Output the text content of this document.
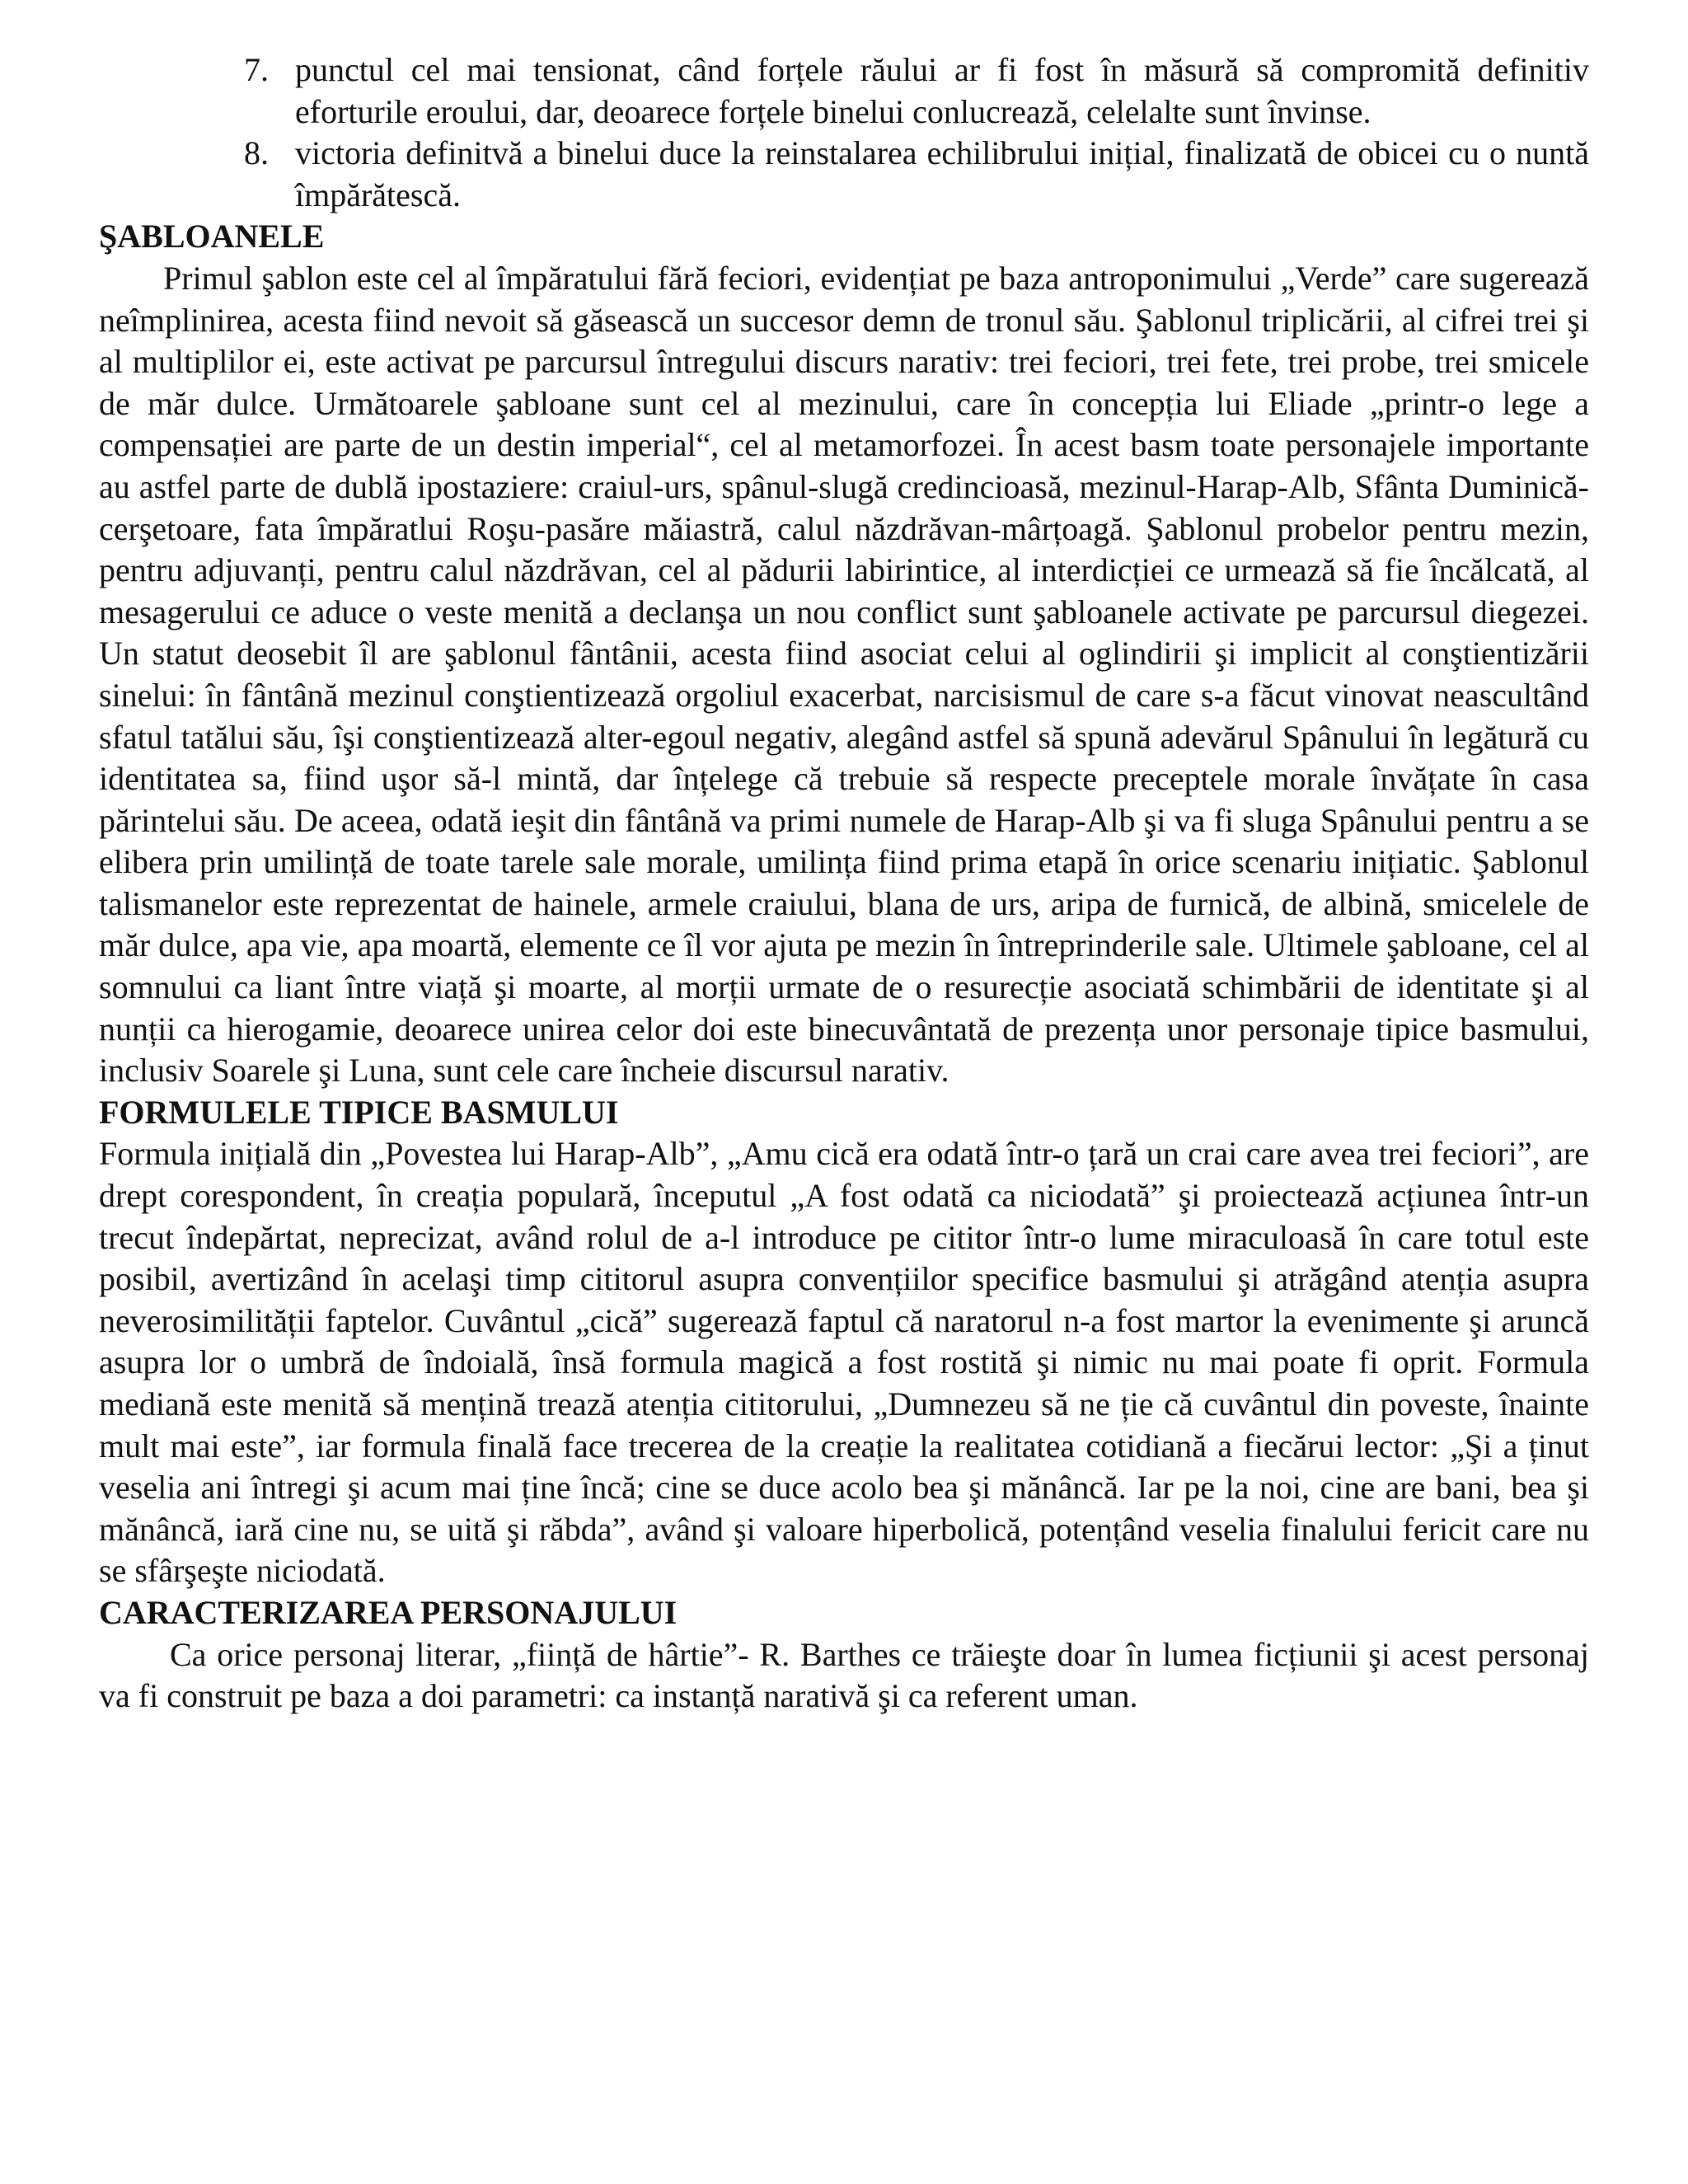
7. punctul cel mai tensionat, când forțele răului ar fi fost în măsură să compromită definitiv eforturile eroului, dar, deoarece forțele binelui conlucrează, celelalte sunt învinse.
8. victoria definitvă a binelui duce la reinstalarea echilibrului inițial, finalizată de obicei cu o nuntă împărătescă.
ŞABLOANELE

Primul şablon este cel al împăratului fără feciori, evidențiat pe baza antroponimului „Verde” care sugerează neîmplinirea, acesta fiind nevoit să găsească un succesor demn de tronul său. Şablonul triplicării, al cifrei trei şi al multiplilor ei, este activat pe parcursul întregului discurs narativ: trei feciori, trei fete, trei probe, trei smicele de măr dulce. Următoarele şabloane sunt cel al mezinului, care în concepția lui Eliade „printr-o lege a compensației are parte de un destin imperial“, cel al metamorfozei. În acest basm toate personajele importante au astfel parte de dublă ipostaziere: craiul-urs, spânul-slugă credincioasă, mezinul-Harap-Alb, Sfânta Duminică-cerşetoare, fata împăratlui Roşu-pasăre măiastră, calul năzdrăvan-mârțoagă. Şablonul probelor pentru mezin, pentru adjuvanți, pentru calul năzdrăvan, cel al pădurii labirintice, al interdicției ce urmează să fie încălcată, al mesagerului ce aduce o veste menită a declanşa un nou conflict sunt şabloanele activate pe parcursul diegezei. Un statut deosebit îl are şablonul fântânii, acesta fiind asociat celui al oglindirii şi implicit al conştientizării sinelui: în fântână mezinul conştientizează orgoliul exacerbat, narcisismul de care s-a făcut vinovat neascultând sfatul tatălui său, îşi conştientizează alter-egoul negativ, alegând astfel să spună adevărul Spânului în legătură cu identitatea sa, fiind uşor să-l mintă, dar înțelege că trebuie să respecte preceptele morale învățate în casa părintelui său. De aceea, odată ieşit din fântână va primi numele de Harap-Alb şi va fi sluga Spânului pentru a se elibera prin umilință de toate tarele sale morale, umilința fiind prima etapă în orice scenariu inițiatic. Şablonul talismanelor este reprezentat de hainele, armele craiului, blana de urs, aripa de furnică, de albină, smicelele de măr dulce, apa vie, apa moartă, elemente ce îl vor ajuta pe mezin în întreprinderile sale. Ultimele şabloane, cel al somnului ca liant între viață şi moarte, al morții urmate de o resurecție asociată schimbării de identitate şi al nunții ca hierogamie, deoarece unirea celor doi este binecuvântată de prezența unor personaje tipice basmului, inclusiv Soarele şi Luna, sunt cele care încheie discursul narativ.

FORMULELE TIPICE BASMULUI

Formula inițială din „Povestea lui Harap-Alb”, „Amu cică era odată într-o țară un crai care avea trei feciori”, are drept corespondent, în creația populară, începutul „A fost odată ca niciodată” şi proiectează acțiunea într-un trecut îndepărtat, neprecizat, având rolul de a-l introduce pe cititor într-o lume miraculoasă în care totul este posibil, avertizând în acelaşi timp cititorul asupra convențiilor specifice basmului şi atrăgând atenția asupra neverosimilității faptelor. Cuvântul „cică” sugerează faptul că naratorul n-a fost martor la evenimente şi aruncă asupra lor o umbră de îndoială, însă formula magică a fost rostită şi nimic nu mai poate fi oprit. Formula mediană este menită să mențină trează atenția cititorului, „Dumnezeu să ne ție că cuvântul din poveste, înainte mult mai este”, iar formula finală face trecerea de la creație la realitatea cotidiană a fiecărui lector: „Şi a ținut veselia ani întregi şi acum mai ține încă; cine se duce acolo bea şi mănâncă. Iar pe la noi, cine are bani, bea şi mănâncă, iară cine nu, se uită şi răbda”, având şi valoare hiperbolică, potențând veselia finalului fericit care nu se sfârşeşte niciodată.

CARACTERIZAREA PERSONAJULUI

Ca orice personaj literar, „ființă de hârtie”- R. Barthes ce trăieşte doar în lumea ficțiunii şi acest personaj va fi construit pe baza a doi parametri: ca instanță narativă şi ca referent uman.
